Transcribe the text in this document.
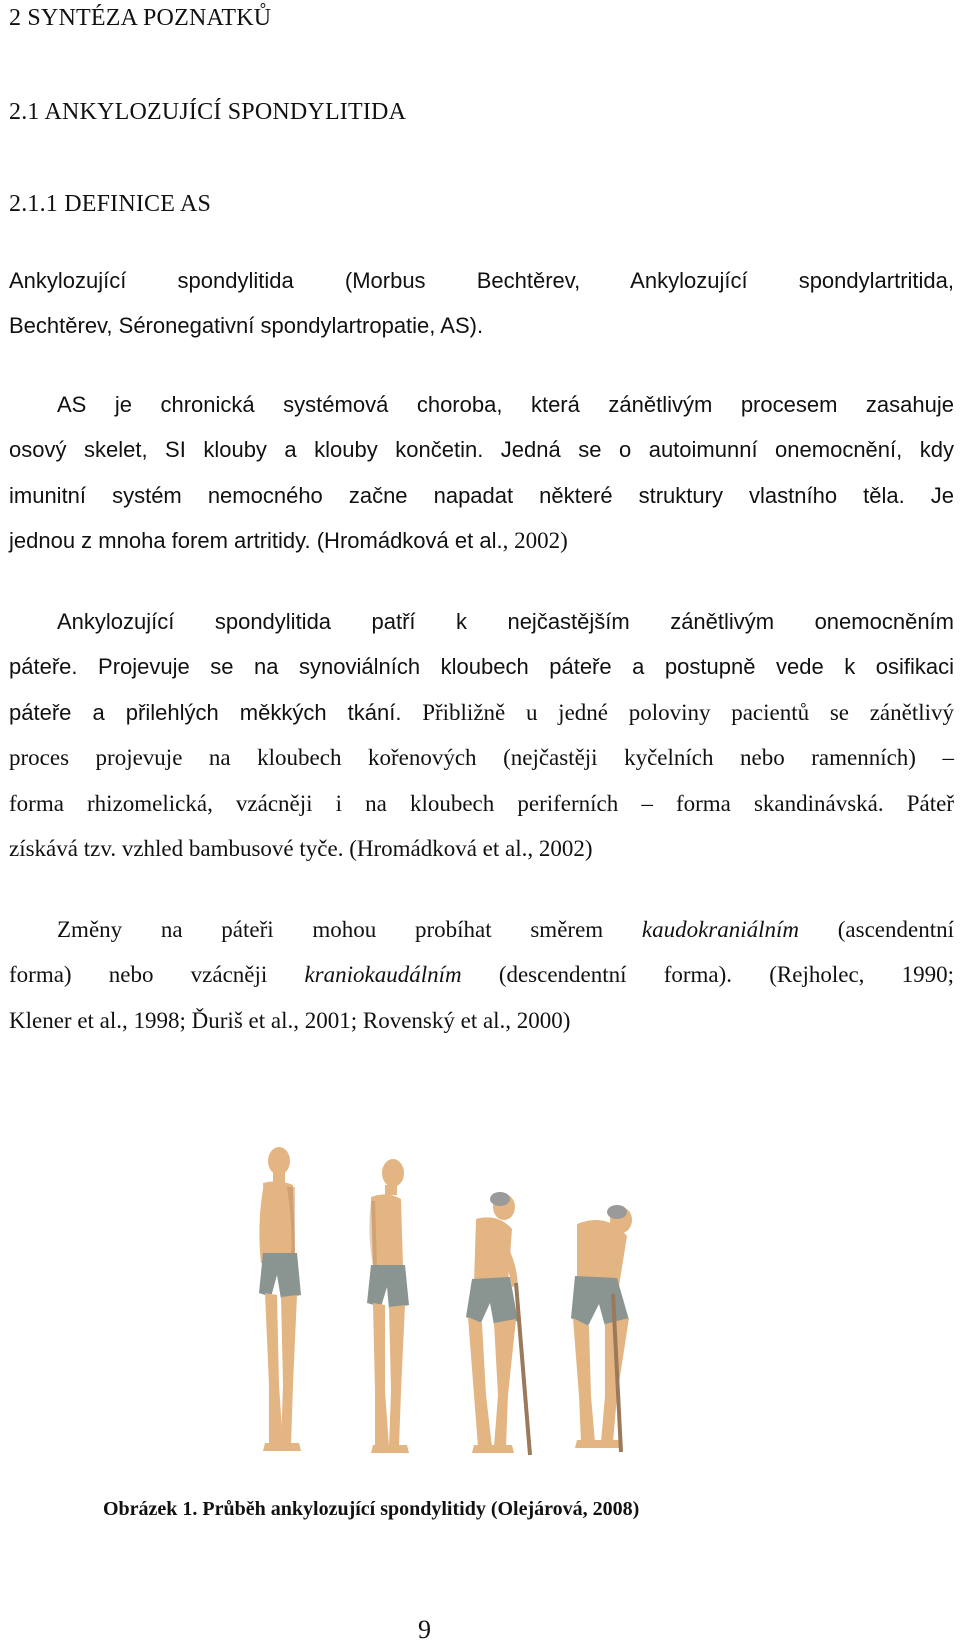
2 SYNTÉZA POZNATKŮ
2.1 ANKYLOZUJÍCÍ SPONDYLITIDA
2.1.1 DEFINICE AS
Ankylozující spondylitida (Morbus Bechtěrev, Ankylozující spondylartritida,
Bechtěrev, Séronegativní spondylartropatie, AS).
AS je chronická systémová choroba, která zánětlivým procesem zasahuje
osový skelet, SI klouby a klouby končetin. Jedná se o autoimunní onemocnění, kdy
imunitní systém nemocného začne napadat některé struktury vlastního těla. Je
jednou z mnoha forem artritidy. (Hromádková et al., 2002)
Ankylozující spondylitida patří k nejčastějším zánětlivým onemocněním
páteře. Projevuje se na synoviálních kloubech páteře a postupně vede k osifikaci
páteře a přilehlých měkkých tkání. Přibližně u jedné poloviny pacientů se zánětlivý
proces projevuje na kloubech kořenových (nejčastěji kyčelních nebo ramenních) –
forma rhizomelická, vzácněji i na kloubech periferních – forma skandinávská. Páteř
získává tzv. vzhled bambusové tyče. (Hromádková et al., 2002)
Změny na páteři mohou probíhat směrem kaudokraniálním (ascendentní
forma) nebo vzácněji kraniokaudálním (descendentní forma). (Rejholec, 1990;
Klener et al., 1998; Ďuriš et al., 2001; Rovenský et al., 2000)
Obrázek 1. Průběh ankylozující spondylitidy (Olejárová, 2008)
9
